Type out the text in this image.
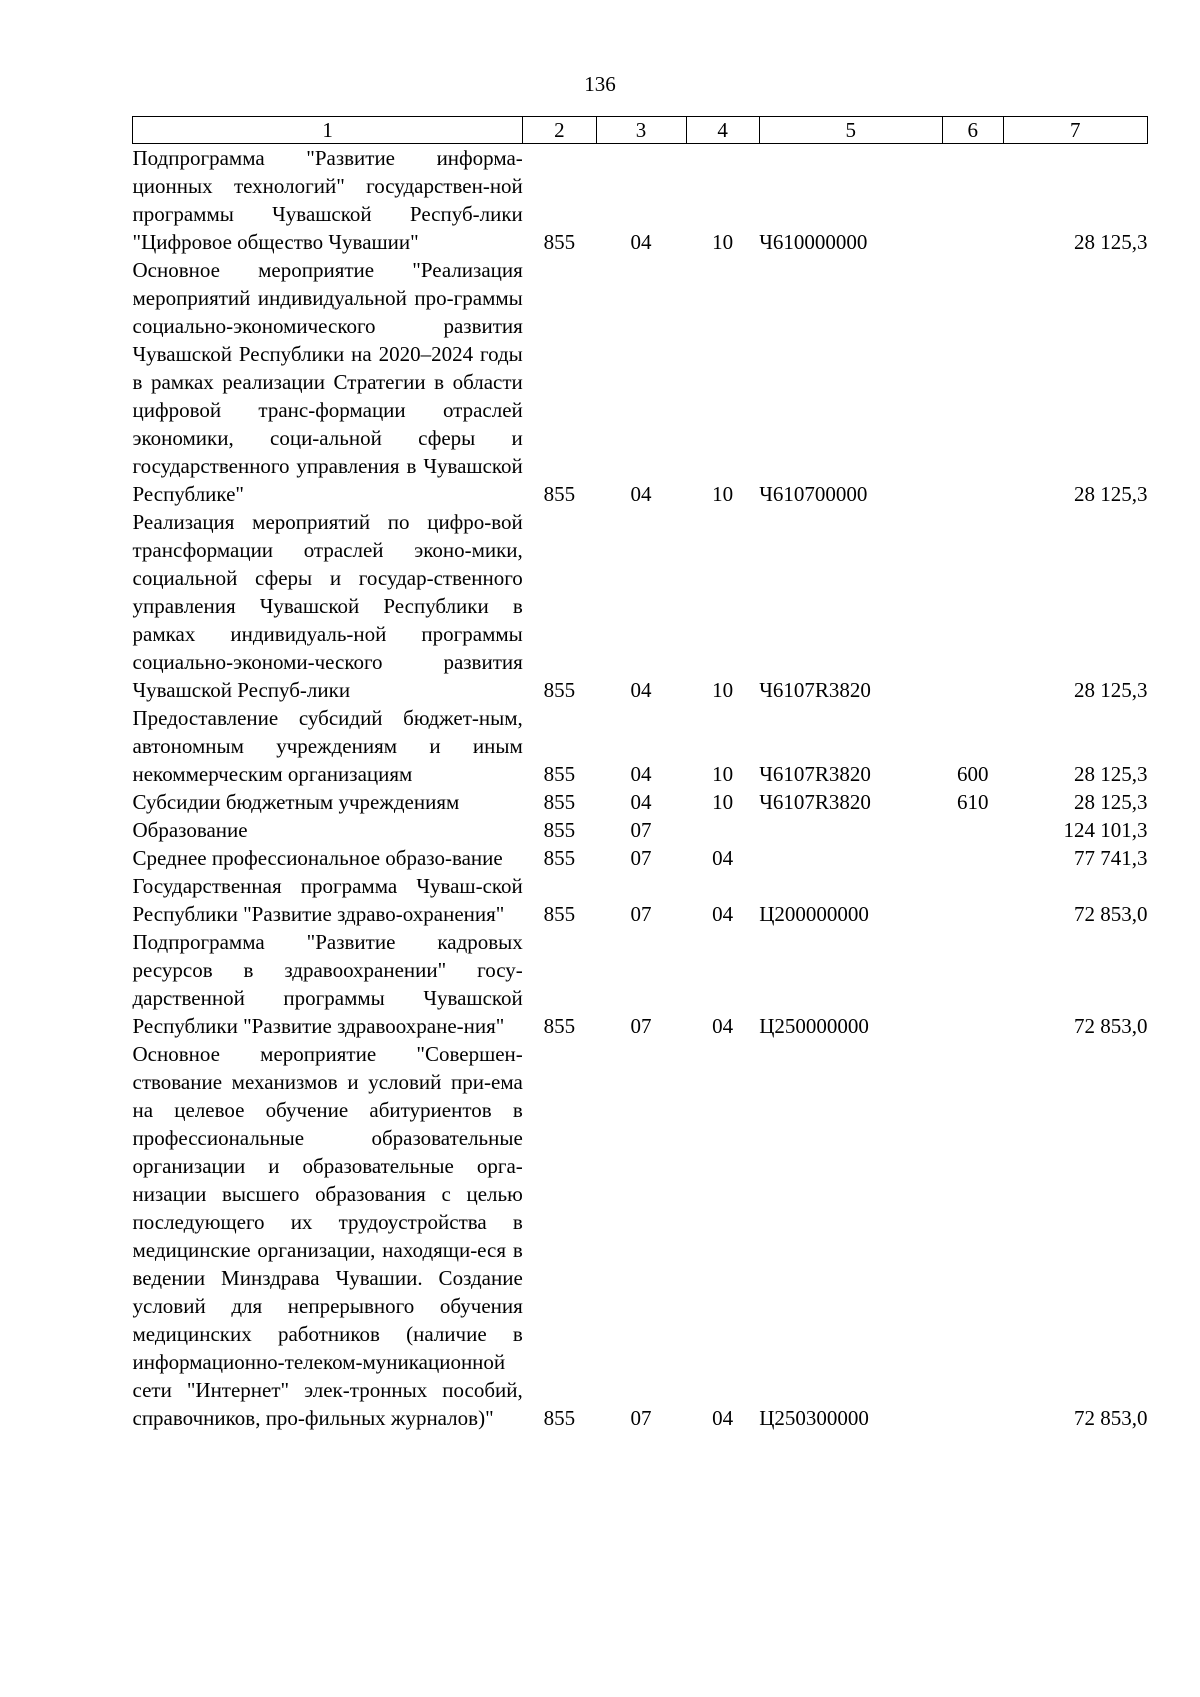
136
1	2	3	4	5	6	7
Подпрограмма "Развитие информа-ционных технологий" государствен-ной программы Чувашской Респуб-лики "Цифровое общество Чувашии"	855	04	10	Ч610000000		28 125,3
Основное мероприятие "Реализация мероприятий индивидуальной про-граммы социально-экономического развития Чувашской Республики на 2020–2024 годы в рамках реализации Стратегии в области цифровой транс-формации отраслей экономики, соци-альной сферы и государственного управления в Чувашской Республике"	855	04	10	Ч610700000		28 125,3
Реализация мероприятий по цифро-вой трансформации отраслей эконо-мики, социальной сферы и государ-ственного управления Чувашской Республики в рамках индивидуаль-ной программы социально-экономи-ческого развития Чувашской Респуб-лики	855	04	10	Ч6107R3820		28 125,3
Предоставление субсидий бюджет-ным, автономным учреждениям и иным некоммерческим организациям	855	04	10	Ч6107R3820	600	28 125,3
Субсидии бюджетным учреждениям	855	04	10	Ч6107R3820	610	28 125,3
Образование	855	07				124 101,3
Среднее профессиональное образо-вание	855	07	04			77 741,3
Государственная программа Чуваш-ской Республики "Развитие здраво-охранения"	855	07	04	Ц200000000		72 853,0
Подпрограмма "Развитие кадровых ресурсов в здравоохранении" госу-дарственной программы Чувашской Республики "Развитие здравоохране-ния"	855	07	04	Ц250000000		72 853,0
Основное мероприятие "Совершен-ствование механизмов и условий при-ема на целевое обучение абитуриентов в профессиональные образовательные организации и образовательные орга-низации высшего образования с целью последующего их трудоустройства в медицинские организации, находящи-еся в ведении Минздрава Чувашии. Создание условий для непрерывного обучения медицинских работников (наличие в информационно-телеком-муникационной сети "Интернет" элек-тронных пособий, справочников, про-фильных журналов)"	855	07	04	Ц250300000		72 853,0
